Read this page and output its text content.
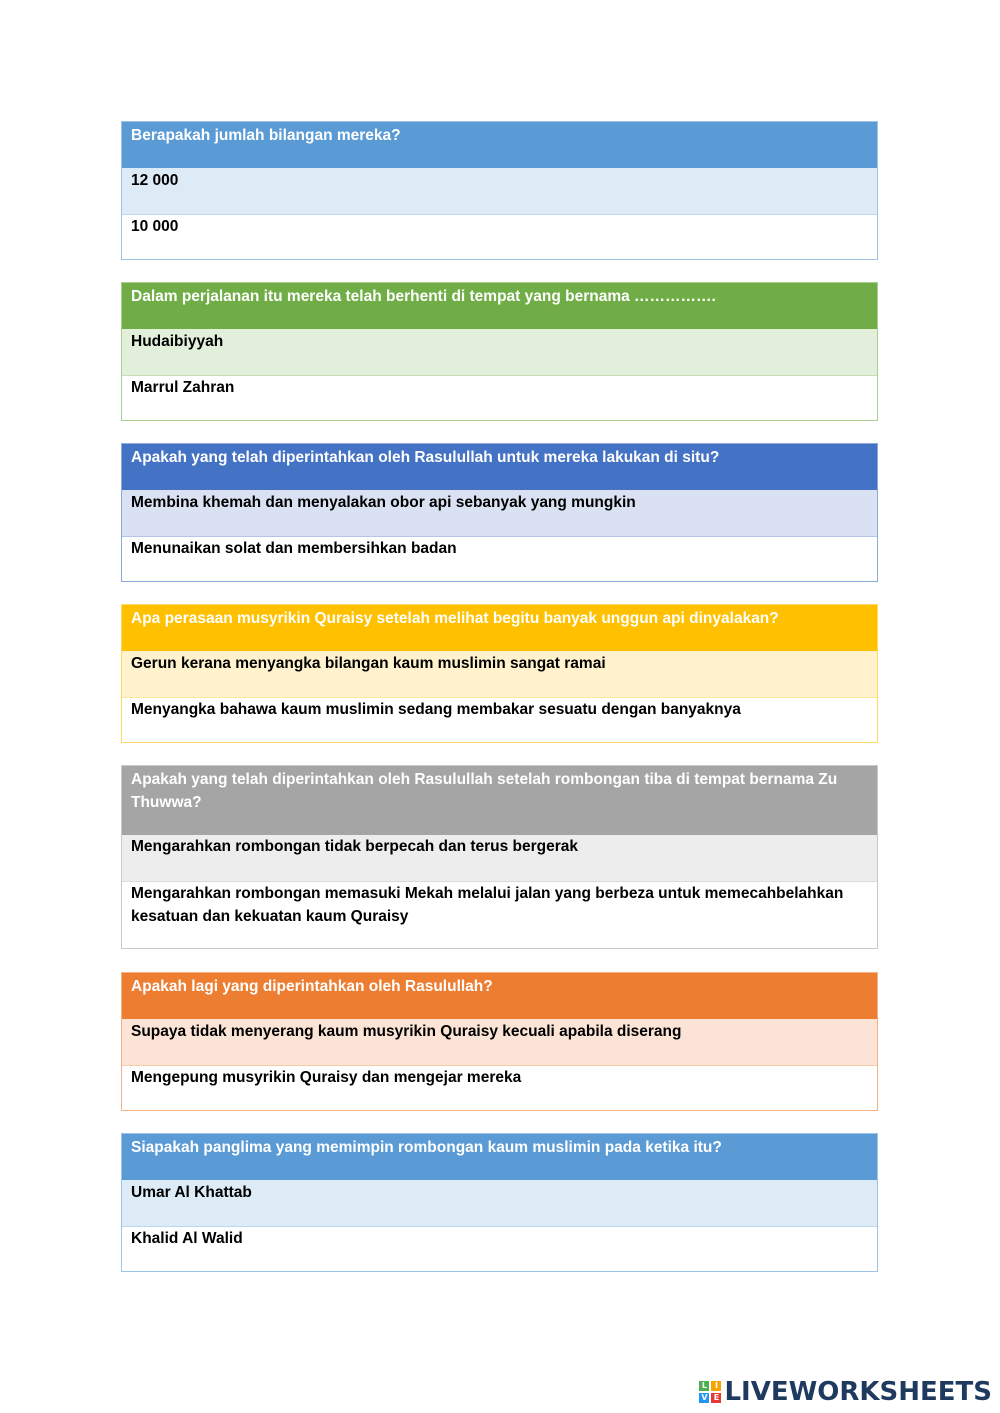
Berapakah jumlah bilangan mereka?
12 000
10 000
Dalam perjalanan itu mereka telah berhenti di tempat yang bernama …………….
Hudaibiyyah
Marrul Zahran
Apakah yang telah diperintahkan oleh Rasulullah untuk mereka lakukan di situ?
Membina khemah dan menyalakan obor api sebanyak yang mungkin
Menunaikan solat dan membersihkan badan
Apa perasaan musyrikin Quraisy setelah melihat begitu banyak unggun api dinyalakan?
Gerun kerana menyangka bilangan kaum muslimin sangat ramai
Menyangka bahawa kaum muslimin sedang membakar sesuatu dengan banyaknya
Apakah yang telah diperintahkan oleh Rasulullah setelah rombongan tiba di tempat bernama Zu Thuwwa?
Mengarahkan rombongan tidak berpecah dan terus bergerak
Mengarahkan rombongan memasuki Mekah melalui jalan yang berbeza untuk memecahbelahkan kesatuan dan kekuatan kaum Quraisy
Apakah lagi yang diperintahkan oleh Rasulullah?
Supaya tidak menyerang kaum musyrikin Quraisy kecuali apabila diserang
Mengepung musyrikin Quraisy dan mengejar mereka
Siapakah panglima yang memimpin rombongan kaum muslimin pada ketika itu?
Umar Al Khattab
Khalid Al Walid
L I
V E LIVEWORKSHEETS
